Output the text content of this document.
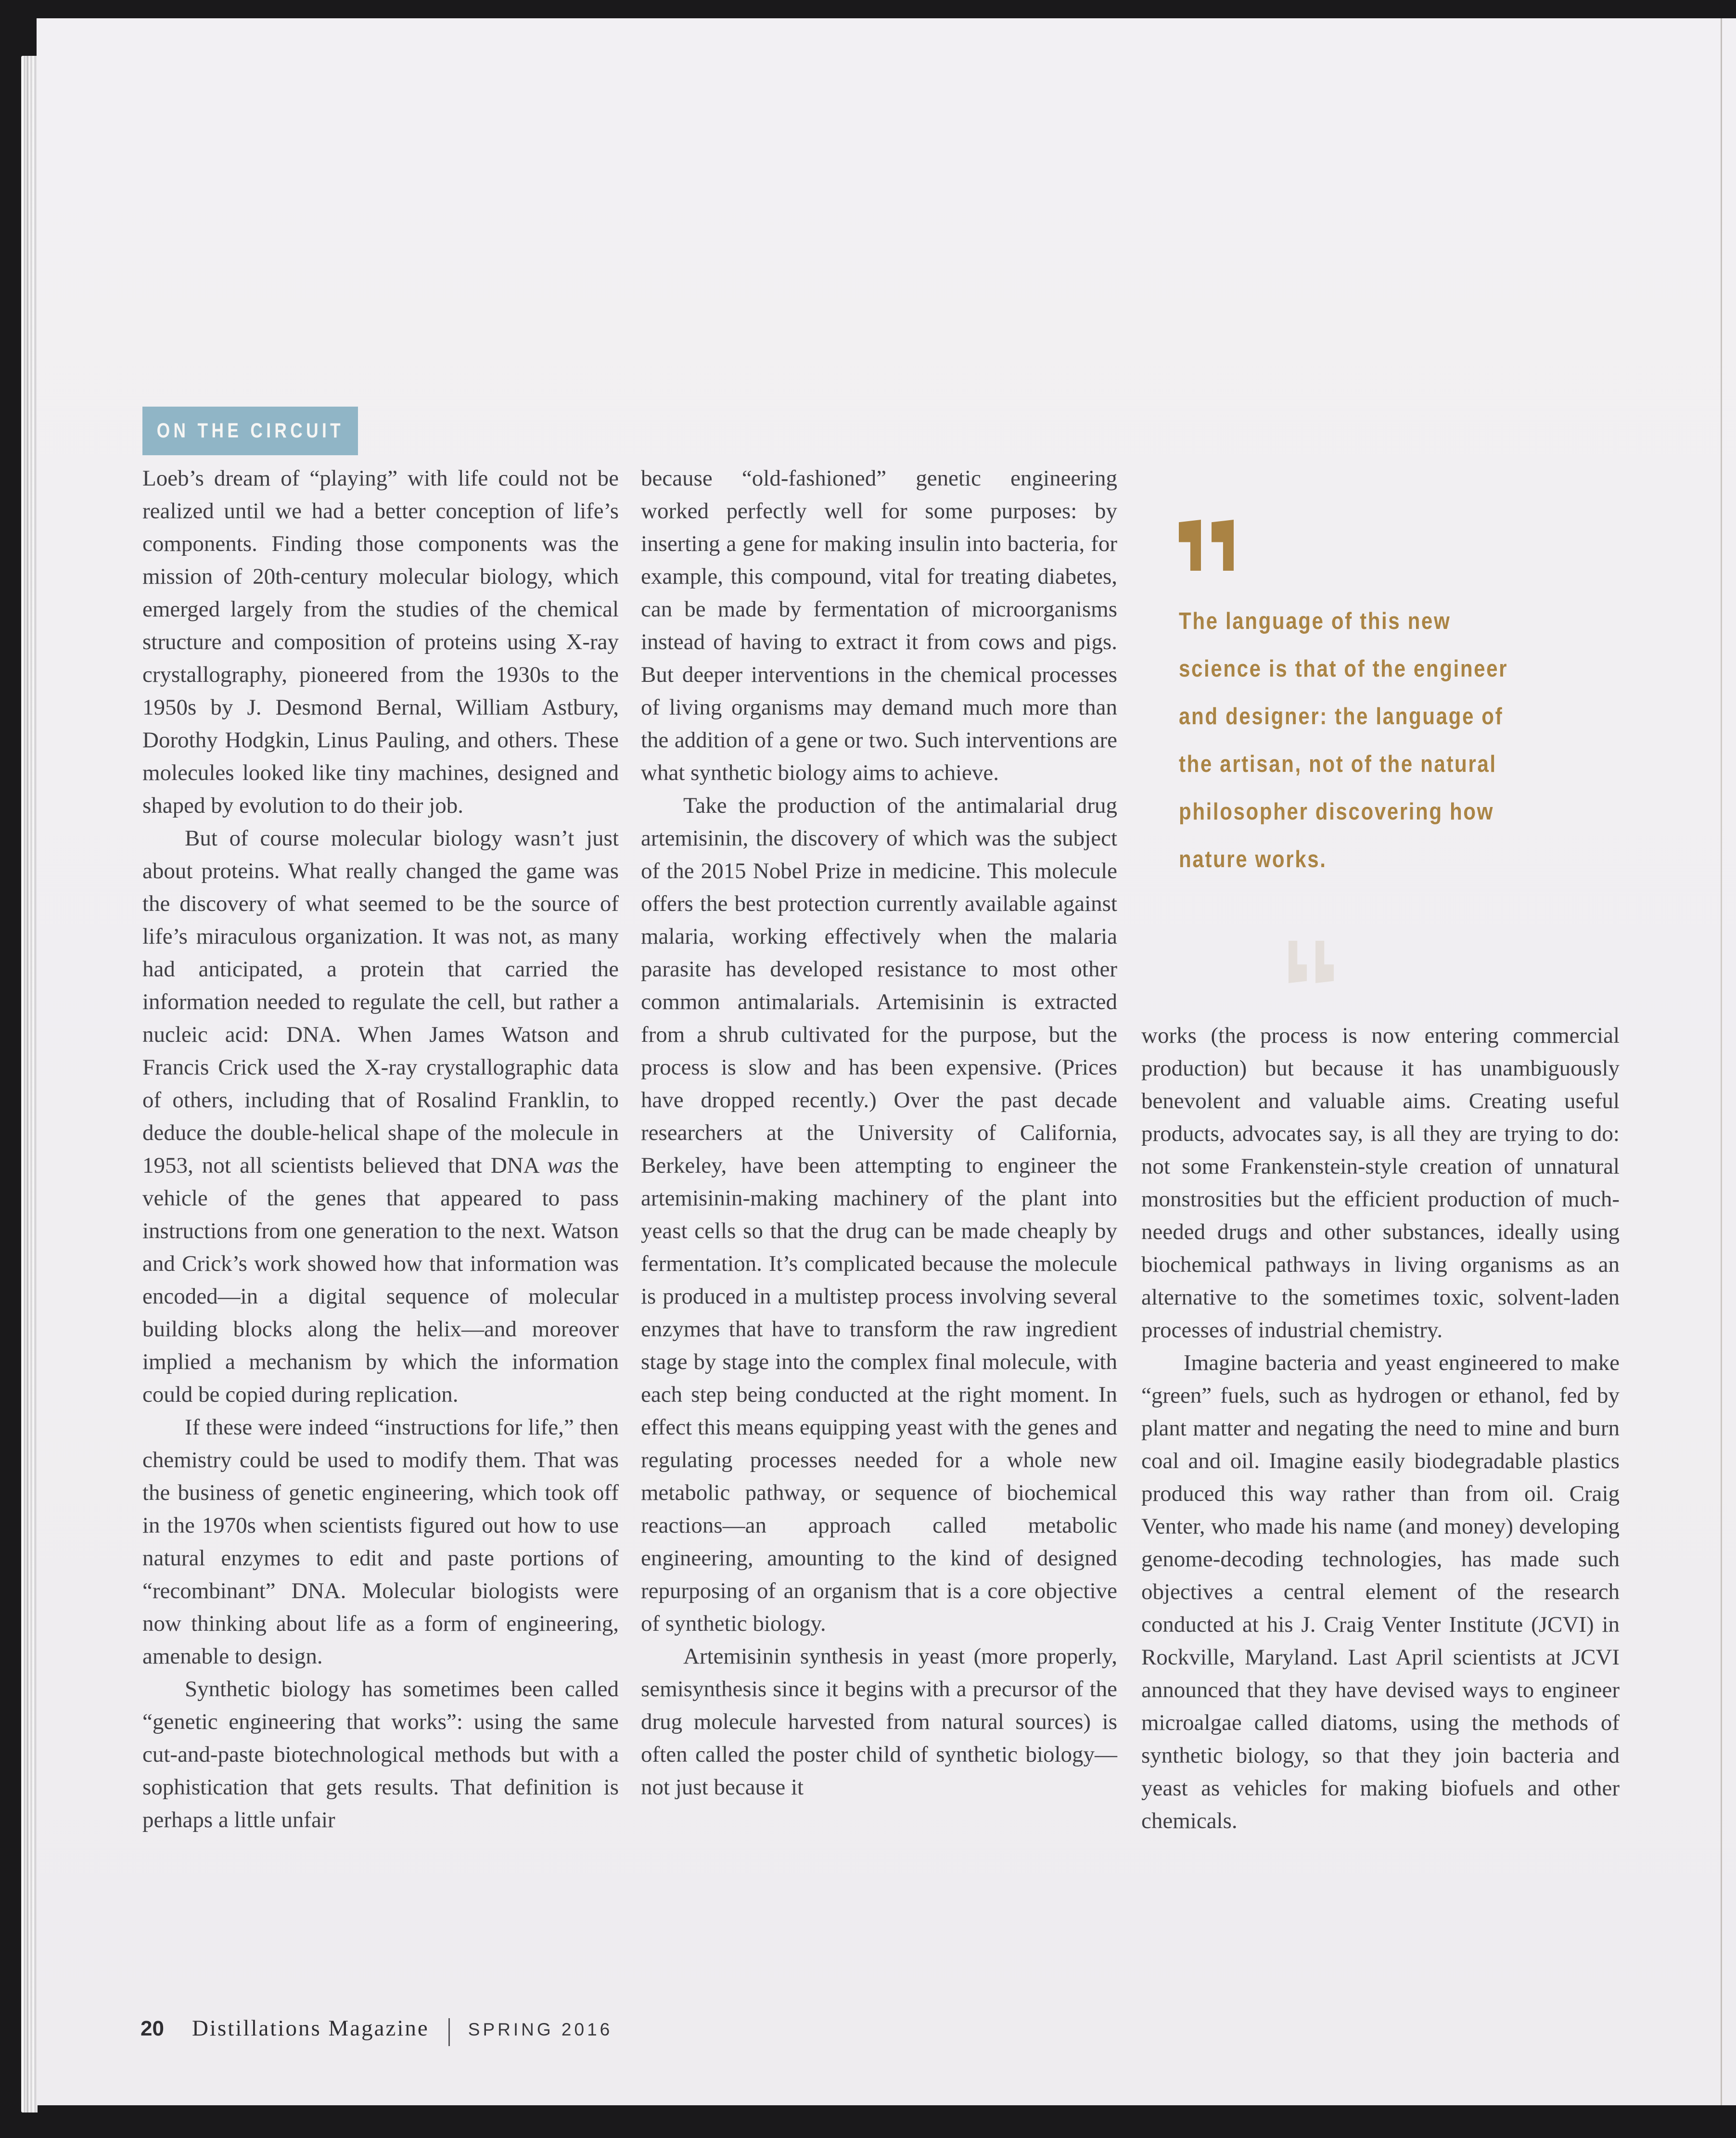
ON THE CIRCUIT

Loeb’s dream of “playing” with life could not be realized until we had a better conception of life’s components. Finding those components was the mission of 20th-century molecular biology, which emerged largely from the studies of the chemical structure and composition of proteins using X-ray crystallography, pioneered from the 1930s to the 1950s by J. Desmond Bernal, William Astbury, Dorothy Hodgkin, Linus Pauling, and others. These molecules looked like tiny machines, designed and shaped by evolution to do their job.

But of course molecular biology wasn’t just about proteins. What really changed the game was the discovery of what seemed to be the source of life’s miraculous organization. It was not, as many had anticipated, a protein that carried the information needed to regulate the cell, but rather a nucleic acid: DNA. When James Watson and Francis Crick used the X-ray crystallographic data of others, including that of Rosalind Franklin, to deduce the double-helical shape of the molecule in 1953, not all scientists believed that DNA was the vehicle of the genes that appeared to pass instructions from one generation to the next. Watson and Crick’s work showed how that information was encoded—in a digital sequence of molecular building blocks along the helix—and moreover implied a mechanism by which the information could be copied during replication.

If these were indeed “instructions for life,” then chemistry could be used to modify them. That was the business of genetic engineering, which took off in the 1970s when scientists figured out how to use natural enzymes to edit and paste portions of “recombinant” DNA. Molecular biologists were now thinking about life as a form of engineering, amenable to design.

Synthetic biology has sometimes been called “genetic engineering that works”: using the same cut-and-paste biotechnological methods but with a sophistication that gets results. That definition is perhaps a little unfair

because “old-fashioned” genetic engineering worked perfectly well for some purposes: by inserting a gene for making insulin into bacteria, for example, this compound, vital for treating diabetes, can be made by fermentation of microorganisms instead of having to extract it from cows and pigs. But deeper interventions in the chemical processes of living organisms may demand much more than the addition of a gene or two. Such interventions are what synthetic biology aims to achieve.

Take the production of the antimalarial drug artemisinin, the discovery of which was the subject of the 2015 Nobel Prize in medicine. This molecule offers the best protection currently available against malaria, working effectively when the malaria parasite has developed resistance to most other common antimalarials. Artemisinin is extracted from a shrub cultivated for the purpose, but the process is slow and has been expensive. (Prices have dropped recently.) Over the past decade researchers at the University of California, Berkeley, have been attempting to engineer the artemisinin-making machinery of the plant into yeast cells so that the drug can be made cheaply by fermentation. It’s complicated because the molecule is produced in a multistep process involving several enzymes that have to transform the raw ingredient stage by stage into the complex final molecule, with each step being conducted at the right moment. In effect this means equipping yeast with the genes and regulating processes needed for a whole new metabolic pathway, or sequence of biochemical reactions—an approach called metabolic engineering, amounting to the kind of designed repurposing of an organism that is a core objective of synthetic biology.

Artemisinin synthesis in yeast (more properly, semisynthesis since it begins with a precursor of the drug molecule harvested from natural sources) is often called the poster child of synthetic biology—not just because it

works (the process is now entering commercial production) but because it has unambiguously benevolent and valuable aims. Creating useful products, advocates say, is all they are trying to do: not some Frankenstein-style creation of unnatural monstrosities but the efficient production of much-needed drugs and other substances, ideally using biochemical pathways in living organisms as an alternative to the sometimes toxic, solvent-laden processes of industrial chemistry.

Imagine bacteria and yeast engineered to make “green” fuels, such as hydrogen or ethanol, fed by plant matter and negating the need to mine and burn coal and oil. Imagine easily biodegradable plastics produced this way rather than from oil. Craig Venter, who made his name (and money) developing genome-decoding technologies, has made such objectives a central element of the research conducted at his J. Craig Venter Institute (JCVI) in Rockville, Maryland. Last April scientists at JCVI announced that they have devised ways to engineer microalgae called diatoms, using the methods of synthetic biology, so that they join bacteria and yeast as vehicles for making biofuels and other chemicals.

The language of this new
science is that of the engineer
and designer: the language of
the artisan, not of the natural
philosopher discovering how
nature works.
20 Distillations Magazine SPRING 2016
